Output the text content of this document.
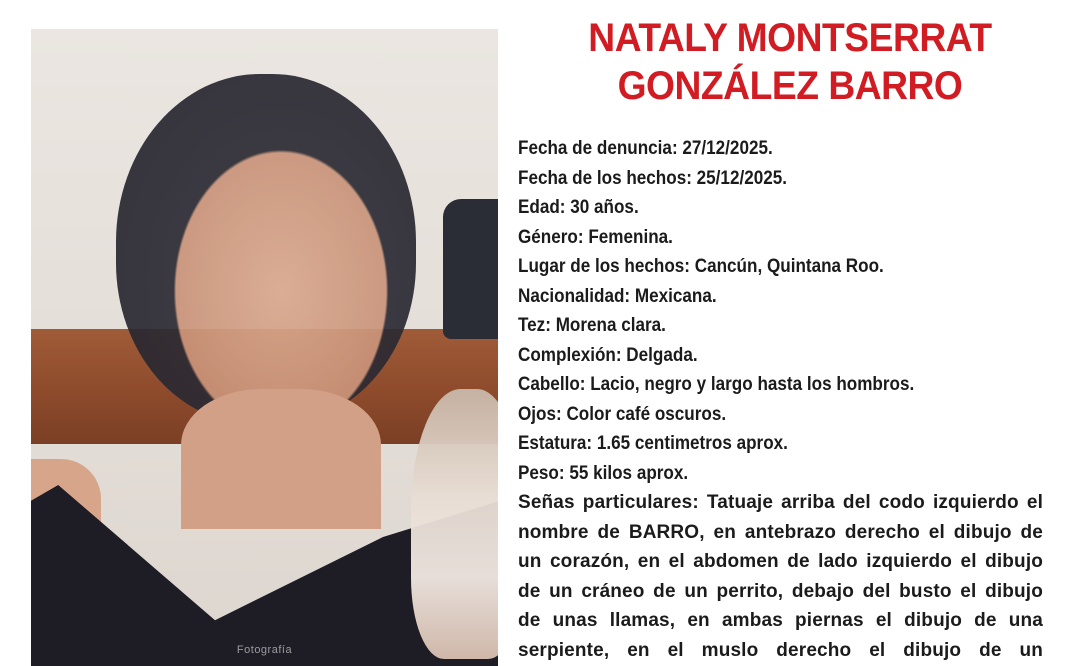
Fotografía
NATALY MONTSERRAT
GONZÁLEZ BARRO
Fecha de denuncia : 27/12/2025.
Fecha de los hechos : 25/12/2025.
Edad : 30 años.
Género : Femenina.
Lugar de los hechos : Cancún, Quintana Roo.
Nacionalidad : Mexicana.
Tez : Morena clara.
Complexión : Delgada.
Cabello : Lacio, negro y largo hasta los hombros.
Ojos : Color café oscuros.
Estatura : 1.65 centimetros aprox.
Peso : 55 kilos aprox.
Señas particulares : Tatuaje arriba del codo izquierdo el nombre de BARRO, en antebrazo derecho el dibujo de un corazón, en el abdomen de lado izquierdo el dibujo de un cráneo de un perrito, debajo del busto el dibujo de unas llamas, en ambas piernas el dibujo de una serpiente, en el muslo derecho el dibujo de un
